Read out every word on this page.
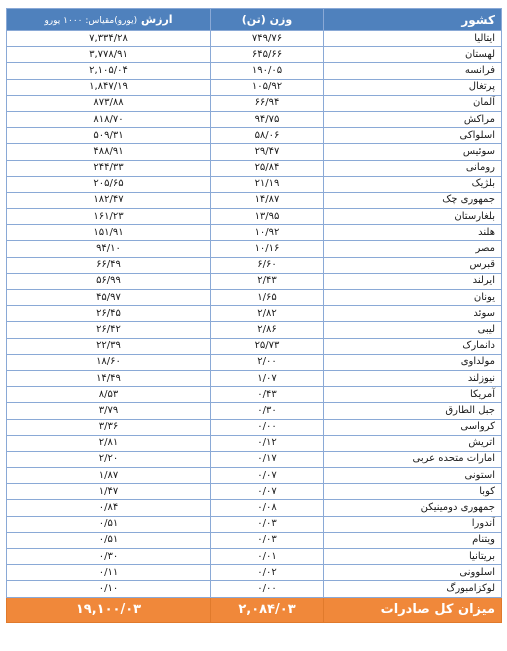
کشور	وزن (تن)	ارزش (یورو)مقیاس: ۱۰۰۰ یورو
ایتالیا	۷۴۹/۷۶	۷,۳۳۴/۲۸
لهستان	۶۴۵/۶۶	۳,۷۷۸/۹۱
فرانسه	۱۹۰/۰۵	۲,۱۰۵/۰۴
پرتغال	۱۰۵/۹۲	۱,۸۴۷/۱۹
آلمان	۶۶/۹۴	۸۷۳/۸۸
مراکش	۹۴/۷۵	۸۱۸/۷۰
اسلواکی	۵۸/۰۶	۵۰۹/۳۱
سوئیس	۲۹/۴۷	۴۸۸/۹۱
رومانی	۲۵/۸۴	۲۴۴/۳۳
بلژیک	۲۱/۱۹	۲۰۵/۶۵
جمهوری چک	۱۴/۸۷	۱۸۲/۴۷
بلغارستان	۱۳/۹۵	۱۶۱/۲۳
هلند	۱۰/۹۲	۱۵۱/۹۱
مصر	۱۰/۱۶	۹۴/۱۰
قبرس	۶/۶۰	۶۶/۴۹
ایرلند	۲/۴۳	۵۶/۹۹
یونان	۱/۶۵	۴۵/۹۷
سوئد	۲/۸۲	۲۶/۴۵
لیبی	۲/۸۶	۲۶/۴۲
دانمارک	۲۵/۷۳	۲۲/۳۹
مولداوی	۲/۰۰	۱۸/۶۰
نیوزلند	۱/۰۷	۱۴/۴۹
آمریکا	۰/۴۳	۸/۵۳
جبل الطارق	۰/۳۰	۳/۷۹
کرواسی	۰/۰۰	۳/۳۶
اتریش	۰/۱۲	۲/۸۱
امارات متحده عربی	۰/۱۷	۲/۲۰
استونی	۰/۰۷	۱/۸۷
کوبا	۰/۰۷	۱/۴۷
جمهوری دومینیکن	۰/۰۸	۰/۸۴
آندورا	۰/۰۳	۰/۵۱
ویتنام	۰/۰۳	۰/۵۱
بریتانیا	۰/۰۱	۰/۳۰
اسلوونی	۰/۰۲	۰/۱۱
لوکزامبورگ	۰/۰۰	۰/۱۰
میزان کل صادرات	۲,۰۸۴/۰۳	۱۹,۱۰۰/۰۳
